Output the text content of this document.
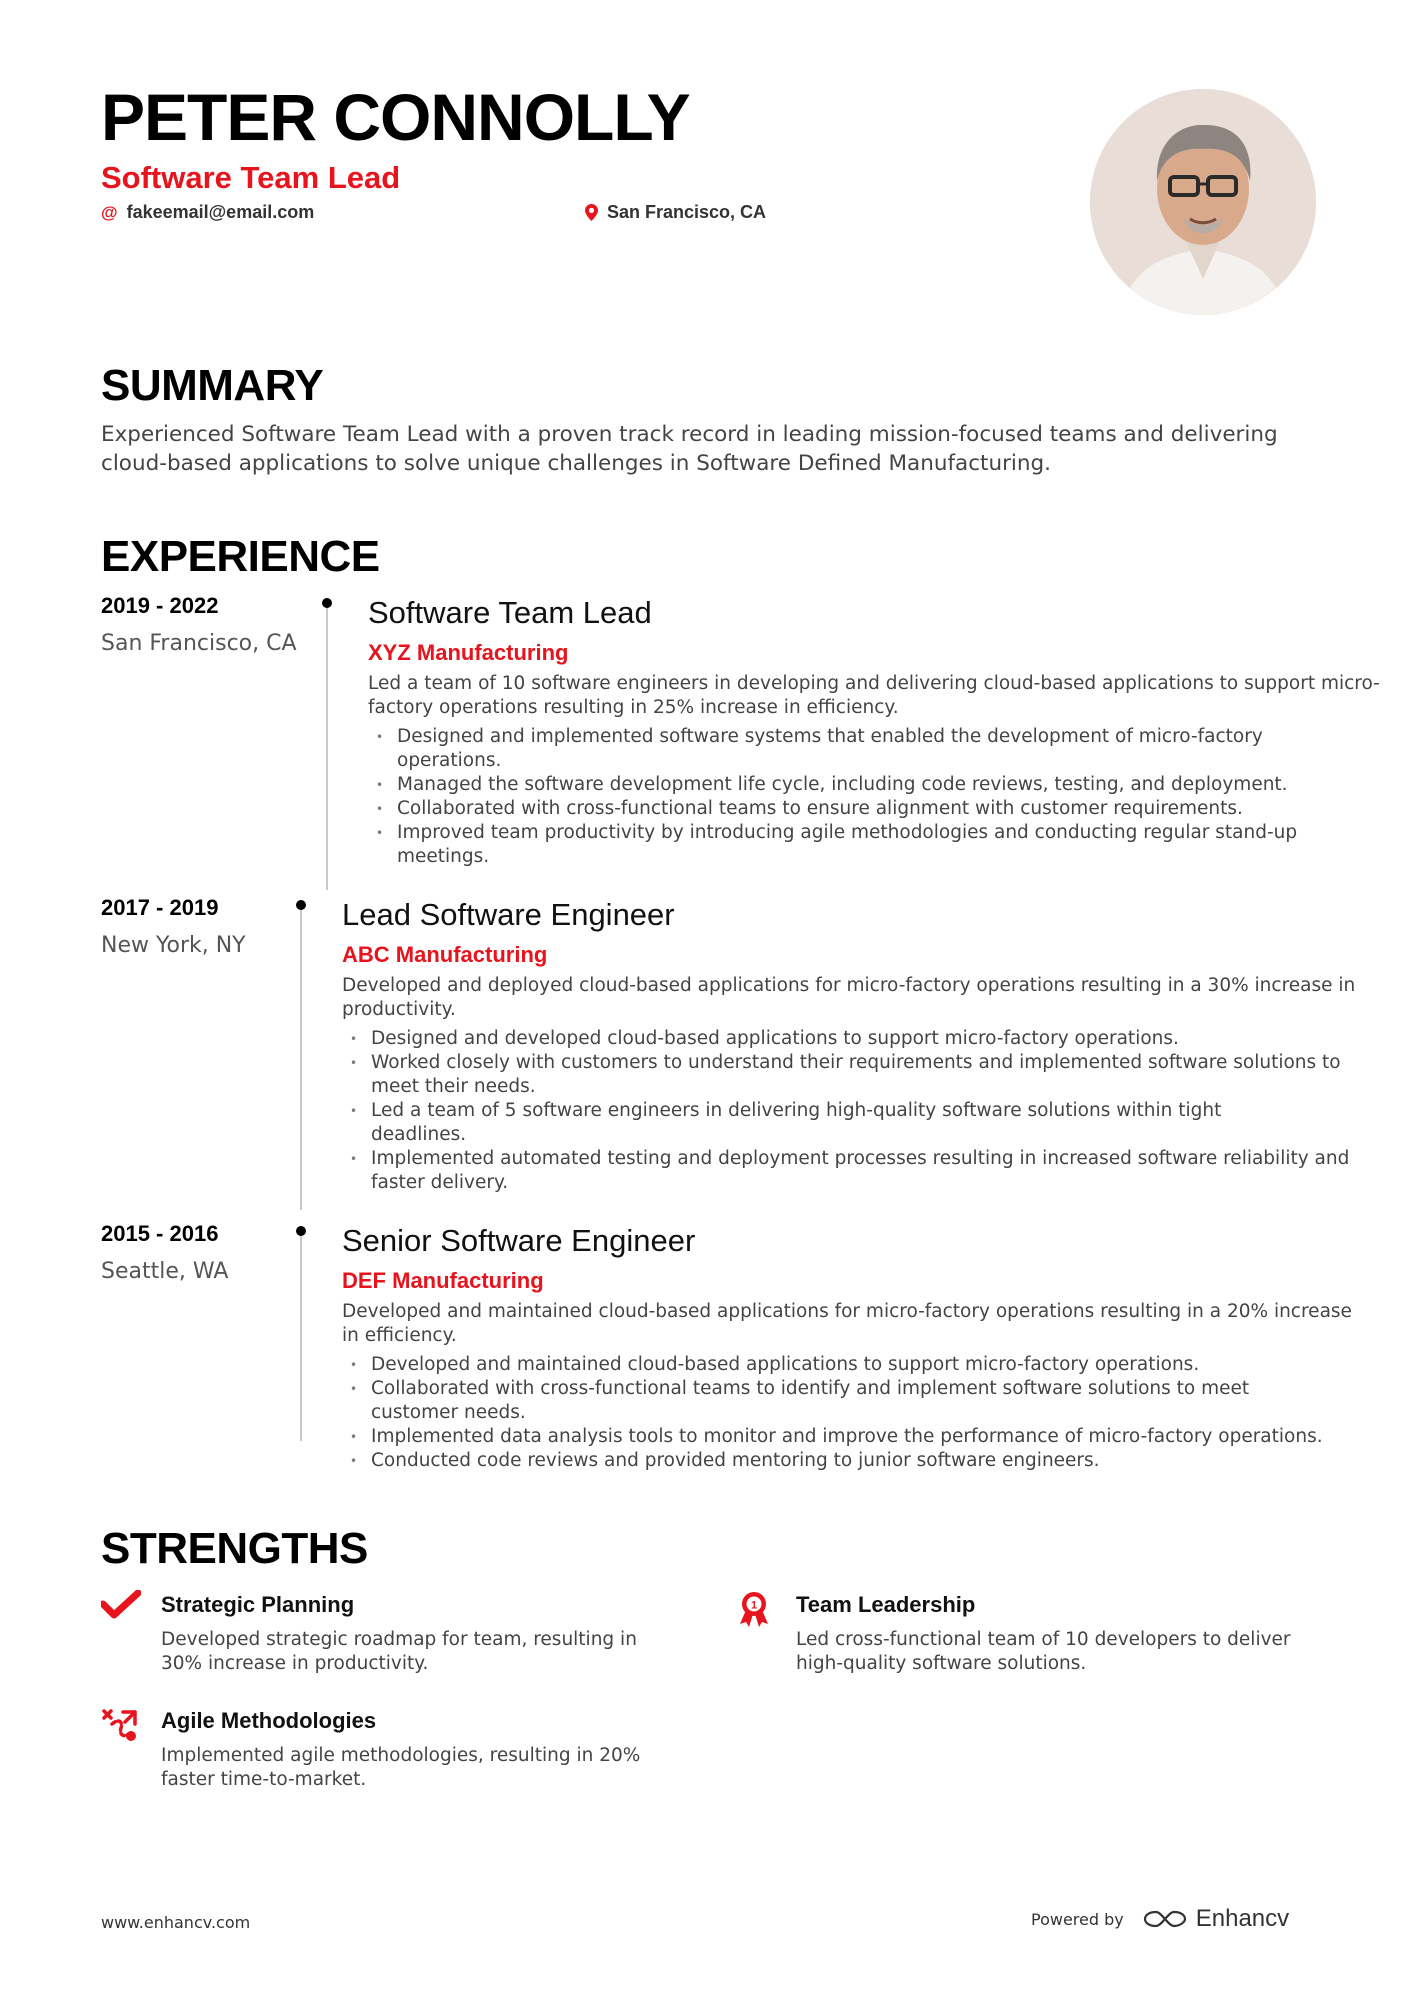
PETER CONNOLLY
Software Team Lead
@ fakeemail@email.com	San Francisco, CA
SUMMARY
Experienced Software Team Lead with a proven track record in leading mission-focused teams and delivering cloud-based applications to solve unique challenges in Software Defined Manufacturing.
EXPERIENCE
2019 - 2022
San Francisco, CA
Software Team Lead
XYZ Manufacturing
Led a team of 10 software engineers in developing and delivering cloud-based applications to support micro-factory operations resulting in 25% increase in efficiency.
• Designed and implemented software systems that enabled the development of micro-factory operations.
• Managed the software development life cycle, including code reviews, testing, and deployment.
• Collaborated with cross-functional teams to ensure alignment with customer requirements.
• Improved team productivity by introducing agile methodologies and conducting regular stand-up meetings.
2017 - 2019
New York, NY
Lead Software Engineer
ABC Manufacturing
Developed and deployed cloud-based applications for micro-factory operations resulting in a 30% increase in productivity.
• Designed and developed cloud-based applications to support micro-factory operations.
• Worked closely with customers to understand their requirements and implemented software solutions to meet their needs.
• Led a team of 5 software engineers in delivering high-quality software solutions within tight deadlines.
• Implemented automated testing and deployment processes resulting in increased software reliability and faster delivery.
2015 - 2016
Seattle, WA
Senior Software Engineer
DEF Manufacturing
Developed and maintained cloud-based applications for micro-factory operations resulting in a 20% increase in efficiency.
• Developed and maintained cloud-based applications to support micro-factory operations.
• Collaborated with cross-functional teams to identify and implement software solutions to meet customer needs.
• Implemented data analysis tools to monitor and improve the performance of micro-factory operations.
• Conducted code reviews and provided mentoring to junior software engineers.
STRENGTHS
Strategic Planning
Developed strategic roadmap for team, resulting in 30% increase in productivity.
1 Team Leadership
Led cross-functional team of 10 developers to deliver high-quality software solutions.
Agile Methodologies
Implemented agile methodologies, resulting in 20% faster time-to-market.
www.enhancv.com	Powered by	Enhancv
